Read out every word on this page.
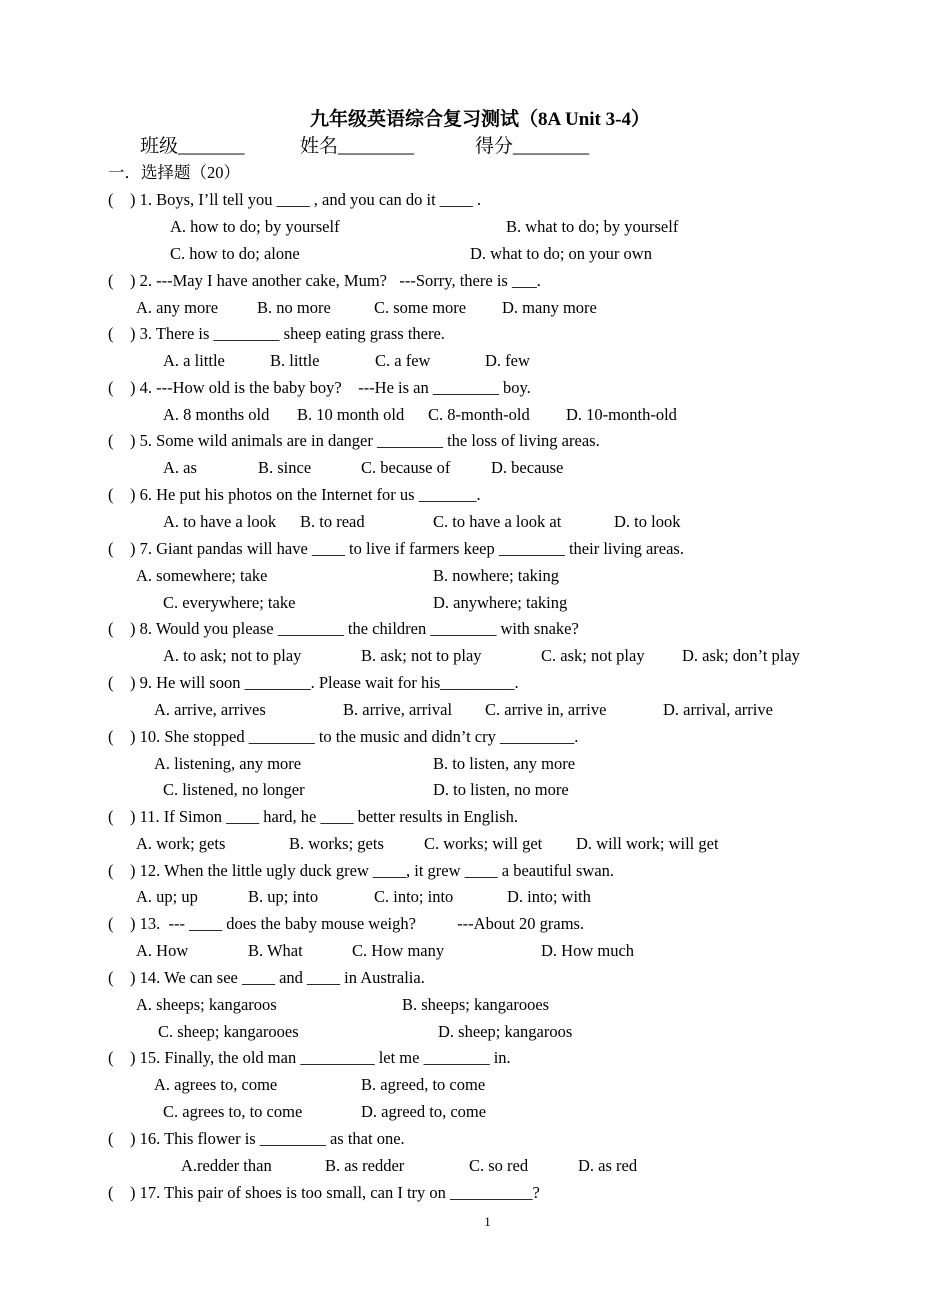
九年级英语综合复习测试（8A Unit 3-4）
班级_______	姓名________	得分________
一．选择题（20）
(    ) 1. Boys, I’ll tell you ____ , and you can do it ____ .
A. how to do; by yourself	B. what to do; by yourself
C. how to do; alone	D. what to do; on your own
(    ) 2. ---May I have another cake, Mum?   ---Sorry, there is ___.
A. any more B. no more	C. some more D. many more
(    ) 3. There is ________ sheep eating grass there.
A. a little	B. little	C. a few	D. few
(    ) 4. ---How old is the baby boy?    ---He is an ________ boy.
A. 8 months old B. 10 month old C. 8-month-old D. 10-month-old
(    ) 5. Some wild animals are in danger ________ the loss of living areas.
A. as	B. since	C. because of D. because
(    ) 6. He put his photos on the Internet for us _______.
A. to have a look B. to read	C. to have a look at	D. to look
(    ) 7. Giant pandas will have ____ to live if farmers keep ________ their living areas.
A. somewhere; take	B. nowhere; taking
C. everywhere; take	D. anywhere; taking
(    ) 8. Would you please ________ the children ________ with snake?
A. to ask; not to play	B. ask; not to play	C. ask; not play D. ask; don’t play
(    ) 9. He will soon ________. Please wait for his_________.
A. arrive, arrives	B. arrive, arrival C. arrive in, arrive	D. arrival, arrive
(    ) 10. She stopped ________ to the music and didn’t cry _________.
A. listening, any more	B. to listen, any more
C. listened, no longer	D. to listen, no more
(    ) 11. If Simon ____ hard, he ____ better results in English.
A. work; gets	B. works; gets C. works; will get D. will work; will get
(    ) 12. When the little ugly duck grew ____, it grew ____ a beautiful swan.
A. up; up	B. up; into	C. into; into	D. into; with
(    ) 13.  --- ____ does the baby mouse weigh?          ---About 20 grams.
A. How	B. What	C. How many	D. How much
(    ) 14. We can see ____ and ____ in Australia.
A. sheeps; kangaroos	B. sheeps; kangarooes
C. sheep; kangarooes	D. sheep; kangaroos
(    ) 15. Finally, the old man _________ let me ________ in.
A. agrees to, come	B. agreed, to come
C. agrees to, to come	D. agreed to, come
(    ) 16. This flower is ________ as that one.
A.redder than	B. as redder	C. so red	D. as red
(    ) 17. This pair of shoes is too small, can I try on __________?
1
